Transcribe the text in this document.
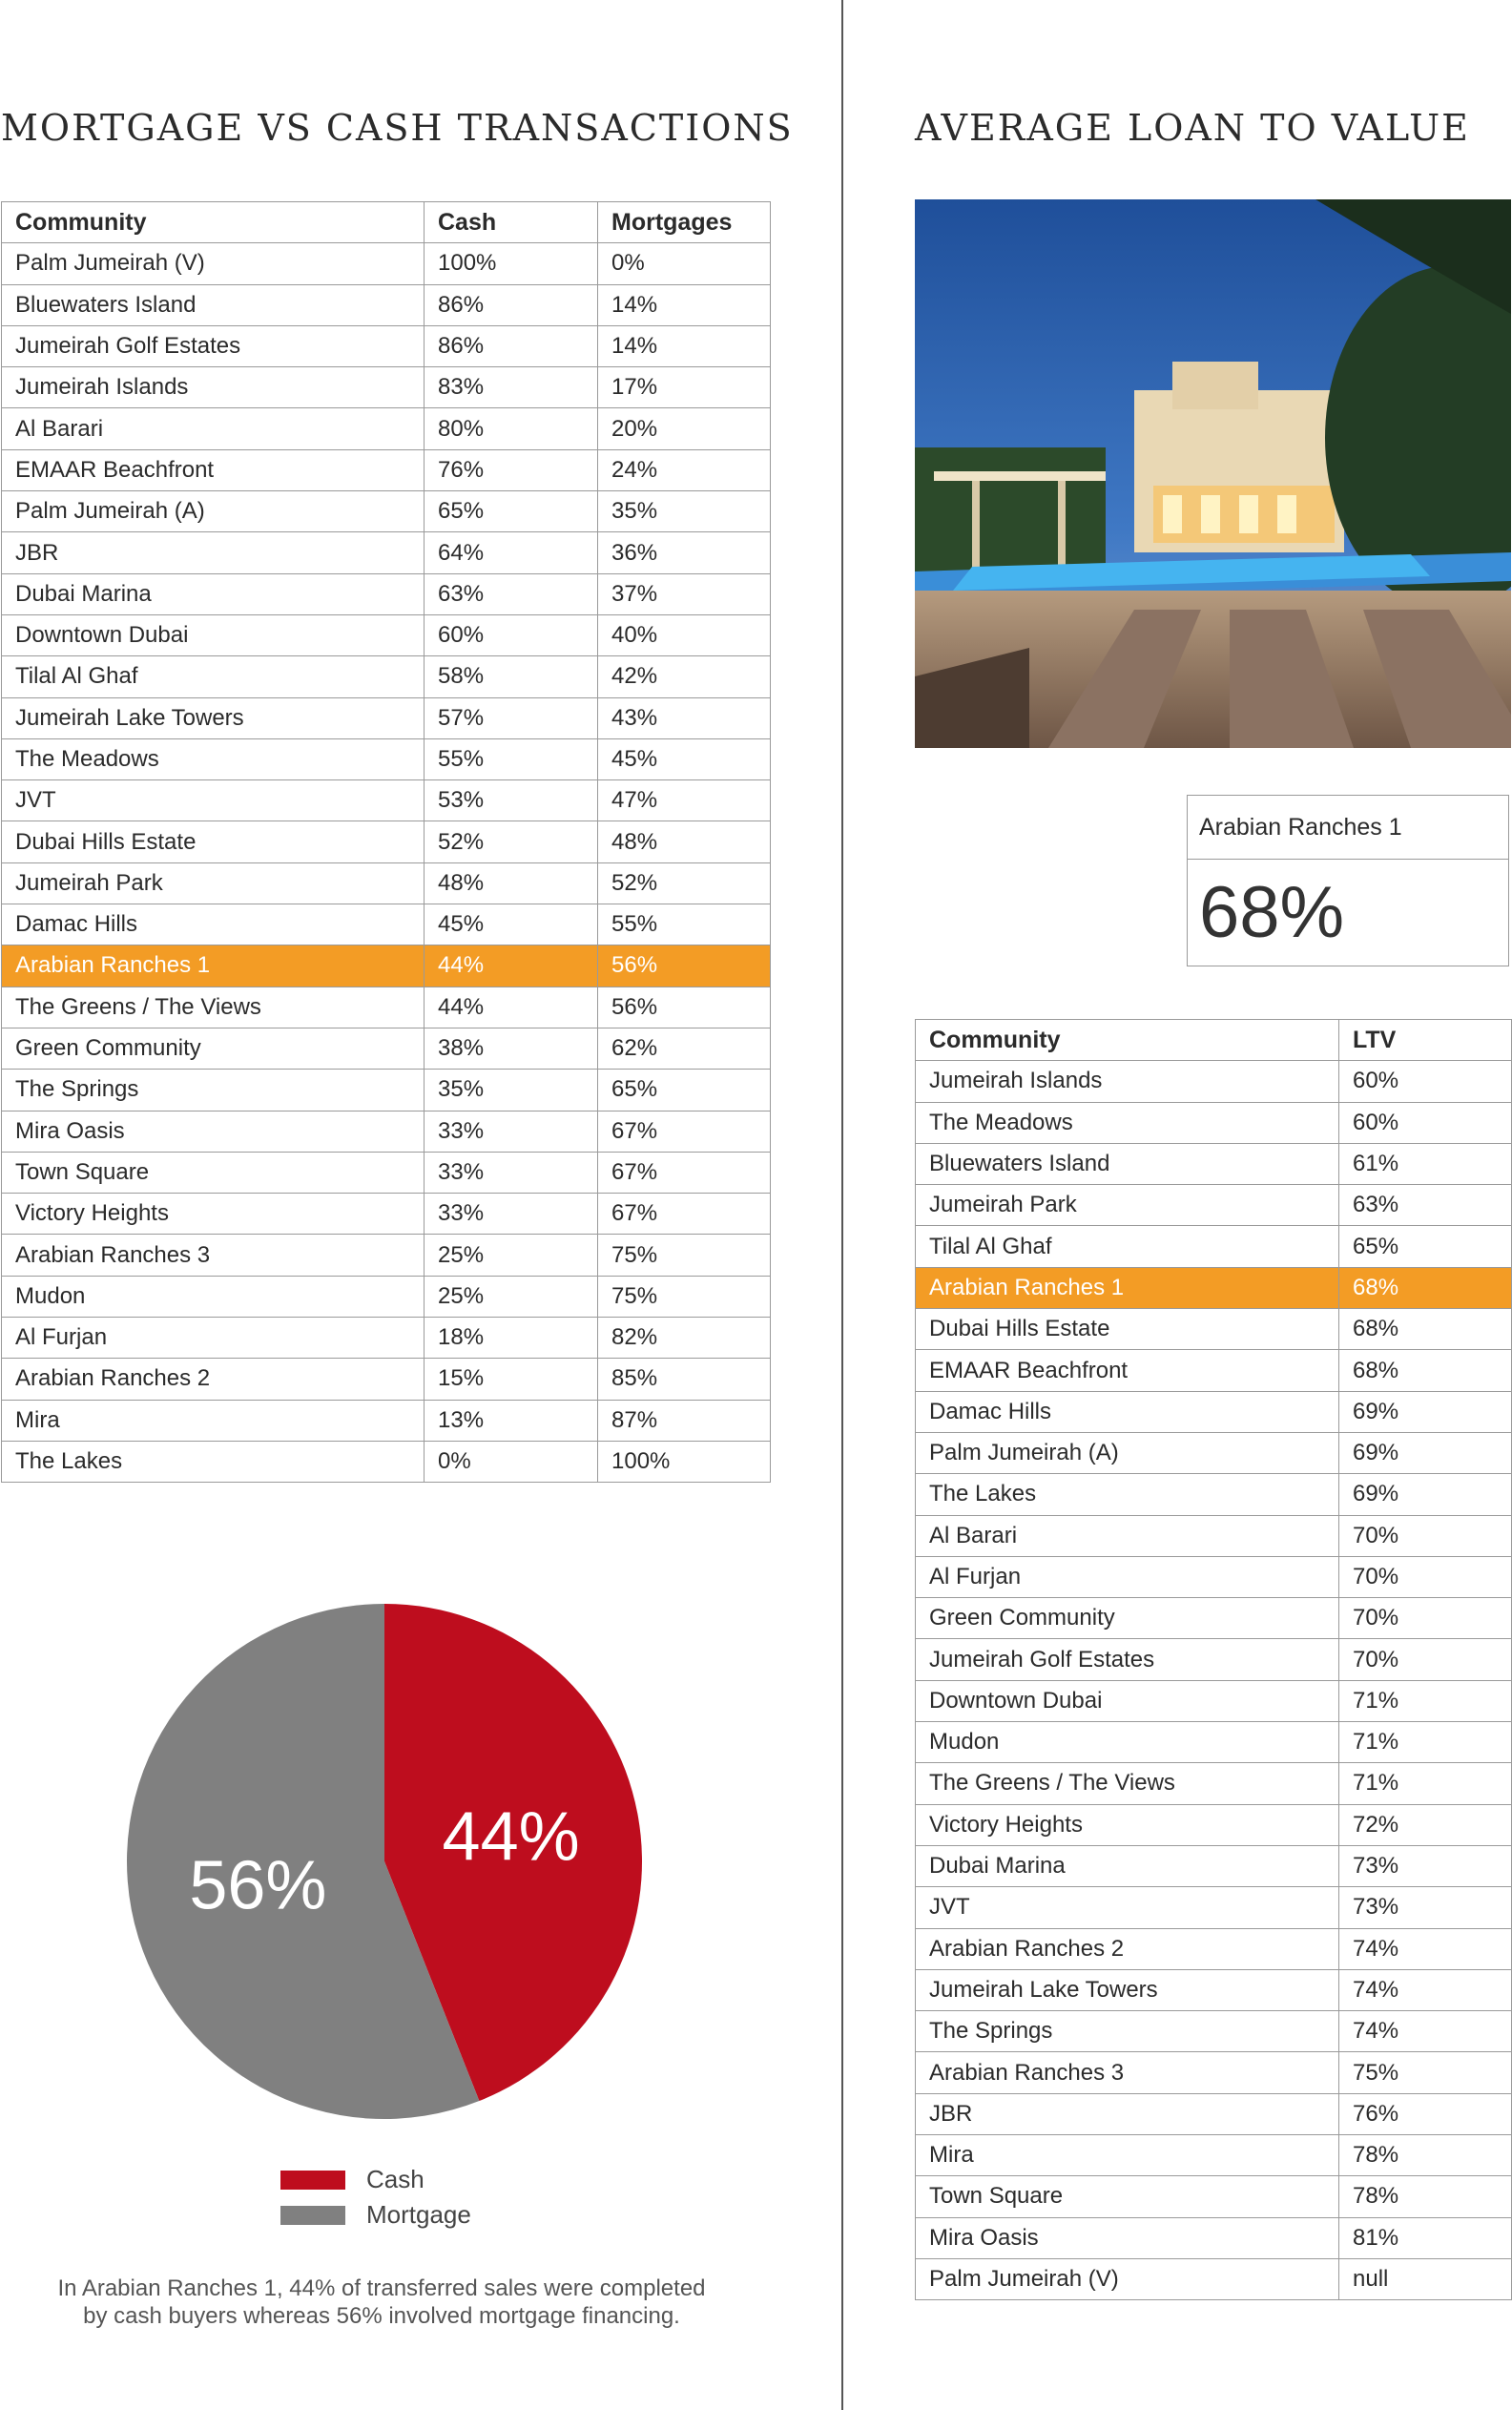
MORTGAGE VS CASH TRANSACTIONS	AVERAGE LOAN TO VALUE
Community	Cash	Mortgages
Palm Jumeirah (V)	100%	0%
Bluewaters Island	86%	14%
Jumeirah Golf Estates	86%	14%
Jumeirah Islands	83%	17%
Al Barari	80%	20%
EMAAR Beachfront	76%	24%
Palm Jumeirah (A)	65%	35%
JBR	64%	36%
Dubai Marina	63%	37%
Downtown Dubai	60%	40%
Tilal Al Ghaf	58%	42%
Jumeirah Lake Towers	57%	43%
The Meadows	55%	45%
JVT	53%	47%
Dubai Hills Estate	52%	48%
Jumeirah Park	48%	52%
Damac Hills	45%	55%
Arabian Ranches 1	44%	56%
The Greens / The Views	44%	56%
Green Community	38%	62%
The Springs	35%	65%
Mira Oasis	33%	67%
Town Square	33%	67%
Victory Heights	33%	67%
Arabian Ranches 3	25%	75%
Mudon	25%	75%
Al Furjan	18%	82%
Arabian Ranches 2	15%	85%
Mira	13%	87%
The Lakes	0%	100%
Arabian Ranches 1
68%
Community	LTV
Jumeirah Islands	60%
The Meadows	60%
Bluewaters Island	61%
Jumeirah Park	63%
Tilal Al Ghaf	65%
Arabian Ranches 1	68%
Dubai Hills Estate	68%
EMAAR Beachfront	68%
Damac Hills	69%
Palm Jumeirah (A)	69%
The Lakes	69%
Al Barari	70%
Al Furjan	70%
Green Community	70%
Jumeirah Golf Estates	70%
Downtown Dubai	71%
Mudon	71%
The Greens / The Views	71%
Victory Heights	72%
Dubai Marina	73%
JVT	73%
Arabian Ranches 2	74%
Jumeirah Lake Towers	74%
The Springs	74%
Arabian Ranches 3	75%
JBR	76%
Mira	78%
Town Square	78%
Mira Oasis	81%
Palm Jumeirah (V)	null
44%
56%
Cash
Mortgage
In Arabian Ranches 1, 44% of transferred sales were completed by cash buyers whereas 56% involved mortgage financing.
